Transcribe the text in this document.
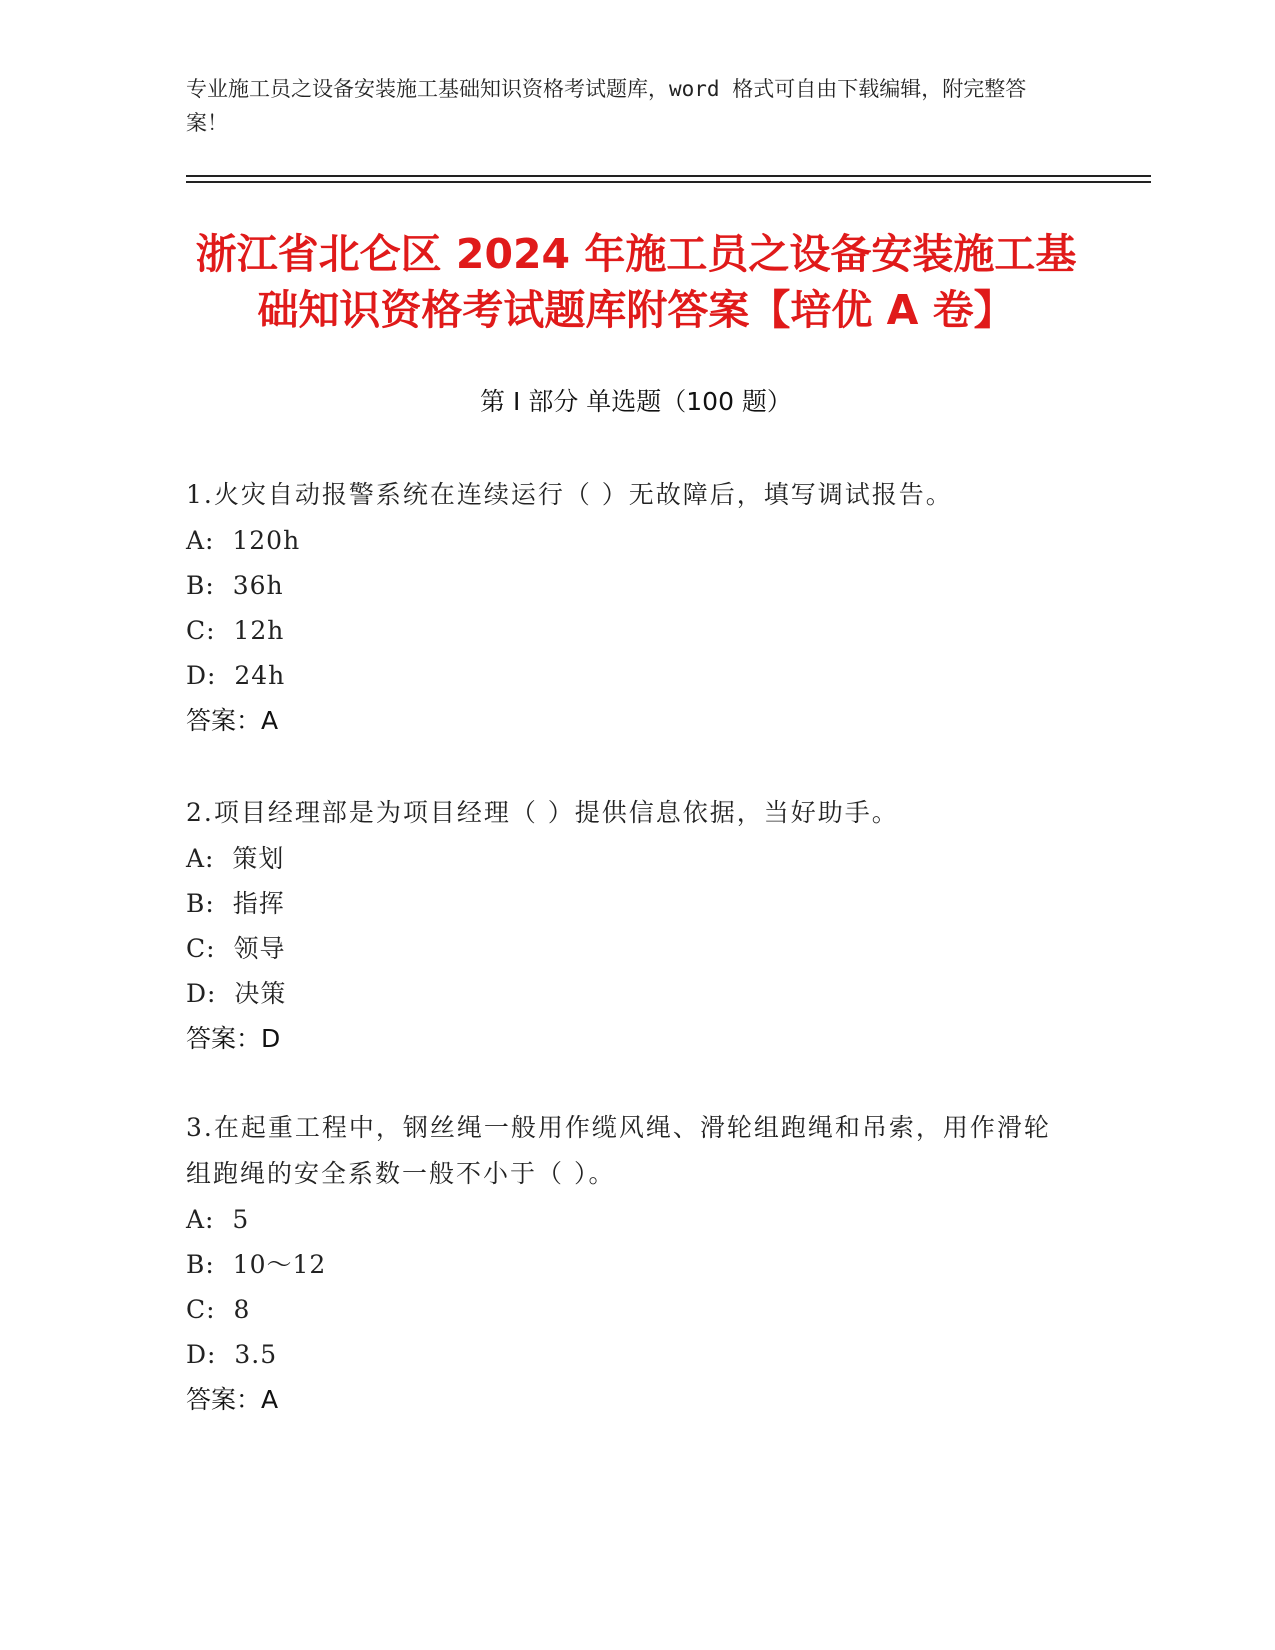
专业施工员之设备安装施工基础知识资格考试题库，word 格式可自由下载编辑，附完整答案！
浙江省北仑区 2024 年施工员之设备安装施工基础知识资格考试题库附答案【培优 A 卷】
第 I 部分 单选题（100 题）
1.火灾自动报警系统在连续运行（ ）无故障后，填写调试报告。
A:  120h
B:  36h
C:  12h
D:  24h
答案：A
2.项目经理部是为项目经理（ ）提供信息依据，当好助手。
A:  策划
B:  指挥
C:  领导
D:  决策
答案：D
3.在起重工程中，钢丝绳一般用作缆风绳、滑轮组跑绳和吊索，用作滑轮组跑绳的安全系数一般不小于（ ）。
A:  5
B:  10～12
C:  8
D:  3.5
答案：A
